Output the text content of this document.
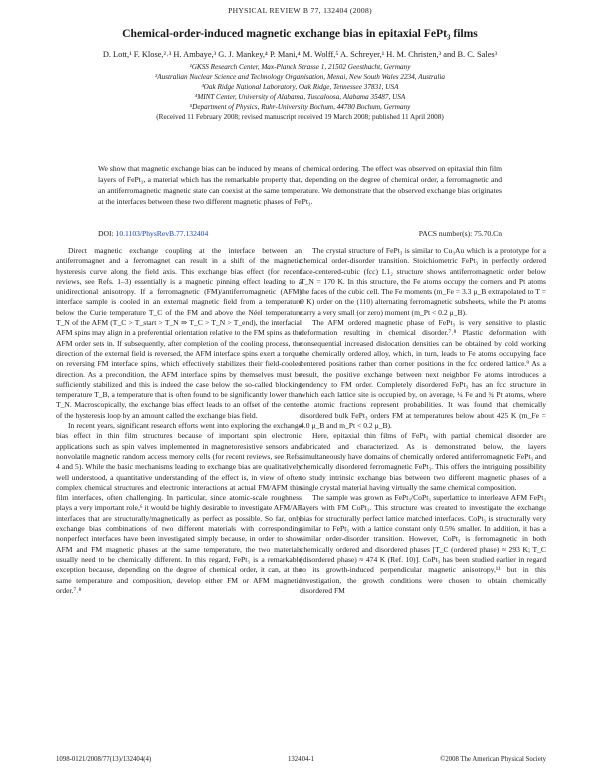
PHYSICAL REVIEW B 77, 132404 (2008)
Chemical-order-induced magnetic exchange bias in epitaxial FePt₃ films
D. Lott,¹ F. Klose,²˒³ H. Ambaye,³ G. J. Mankey,⁴ P. Mani,⁴ M. Wolff,⁵ A. Schreyer,¹ H. M. Christen,³ and B. C. Sales³
¹GKSS Research Center, Max-Planck Strasse 1, 21502 Geesthacht, Germany
²Australian Nuclear Science and Technology Organisation, Menai, New South Wales 2234, Australia
³Oak Ridge National Laboratory, Oak Ridge, Tennessee 37831, USA
⁴MINT Center, University of Alabama, Tuscaloosa, Alabama 35487, USA
⁵Department of Physics, Ruhr-University Bochum, 44780 Bochum, Germany
(Received 11 February 2008; revised manuscript received 19 March 2008; published 11 April 2008)
We show that magnetic exchange bias can be induced by means of chemical ordering. The effect was observed on epitaxial thin film layers of FePt₃, a material which has the remarkable property that, depending on the degree of chemical order, a ferromagnetic and an antiferromagnetic magnetic state can coexist at the same temperature. We demonstrate that the observed exchange bias originates at the interfaces between these two different magnetic phases of FePt₃.
DOI: 10.1103/PhysRevB.77.132404	PACS number(s): 75.70.Cn

Direct magnetic exchange coupling at the interface between an antiferromagnet and a ferromagnet can result in a shift of the magnetic hysteresis curve along the field axis. This exchange bias effect (for recent reviews, see Refs. 1–3) essentially is a magnetic pinning effect leading to a unidirectional anisotropy. If a ferromagnetic (FM)/antiferromagnetic (AFM) interface sample is cooled in an external magnetic field from a temperature below the Curie temperature T_C of the FM and above the Néel temperature T_N of the AFM (T_C > T_start > T_N ⇒ T_C > T_N > T_end), the interfacial AFM spins may align in a preferential orientation relative to the FM spins as the AFM order sets in. If subsequently, after completion of the cooling process, the direction of the external field is reversed, the AFM interface spins exert a torque on reversing FM interface spins, which effectively stabilizes their field-cooled direction. As a precondition, the AFM interface spins by themselves must be sufficiently stabilized and this is indeed the case below the so-called blocking temperature T_B, a temperature that is often found to be significantly lower than T_N. Macroscopically, the exchange bias effect leads to an offset of the center of the hysteresis loop by an amount called the exchange bias field.

In recent years, significant research efforts went into exploring the exchange bias effect in thin film structures because of important spin electronic applications such as spin valves implemented in magnetoresistive sensors and nonvolatile magnetic random access memory cells (for recent reviews, see Refs. 4 and 5). While the basic mechanisms leading to exchange bias are qualitatively well understood, a quantitative understanding of the effect is, in view of often complex chemical structures and electronic interactions at actual FM/AFM thin film interfaces, often challenging. In particular, since atomic-scale roughness plays a very important role,⁶ it would be highly desirable to investigate AFM/AF interfaces that are structurally/magnetically as perfect as possible. So far, only exchange bias combinations of two different materials with corresponding nonperfect interfaces have been investigated simply because, in order to show AFM and FM magnetic phases at the same temperature, the two materials usually need to be chemically different. In this regard, FePt₃ is a remarkable exception because, depending on the degree of chemical order, it can, at the same temperature and composition, develop either FM or AFM magnetic order.⁷˒⁸

The crystal structure of FePt₃ is similar to Cu₃Au which is a prototype for a chemical order-disorder transition. Stoichiometric FePt₃ in perfectly ordered face-centered-cubic (fcc) L1₂ structure shows antiferromagnetic order below T_N = 170 K. In this structure, the Fe atoms occupy the corners and Pt atoms the faces of the cubic cell. The Fe moments (m_Fe = 3.3 μ_B extrapolated to T = 0 K) order on the (110) alternating ferromagnetic subsheets, while the Pt atoms carry a very small (or zero) moment (m_Pt < 0.2 μ_B).

The AFM ordered magnetic phase of FePt₃ is very sensitive to plastic deformation resulting in chemical disorder.⁷˒⁸ Plastic deformation with consequential increased dislocation densities can be obtained by cold working the chemically ordered alloy, which, in turn, leads to Fe atoms occupying face centered positions rather than corner positions in the fcc ordered lattice.⁹ As a result, the positive exchange between next neighbor Fe atoms introduces a tendency to FM order. Completely disordered FePt₃ has an fcc structure in which each lattice site is occupied by, on average, ¼ Fe and ¾ Pt atoms, where the atomic fractions represent probabilities. It was found that chemically disordered bulk FePt₃ orders FM at temperatures below about 425 K (m_Fe = 4.0 μ_B and m_Pt < 0.2 μ_B).

Here, epitaxial thin films of FePt₃ with partial chemical disorder are fabricated and characterized. As is demonstrated below, the layers simultaneously have domains of chemically ordered antiferromagnetic FePt₃ and chemically disordered ferromagnetic FePt₃. This offers the intriguing possibility to study intrinsic exchange bias between two different magnetic phases of a single crystal material having virtually the same chemical composition.

The sample was grown as FePt₃/CoPt₃ superlattice to interleave AFM FePt₃ layers with FM CoPt₃. This structure was created to investigate the exchange bias for structurally perfect lattice matched interfaces. CoPt₃ is structurally very similar to FePt₃ with a lattice constant only 0.5% smaller. In addition, it has a similar order-disorder transition. However, CoPt₃ is ferromagnetic in both chemically ordered and disordered phases [T_C (ordered phase) ≈ 293 K; T_C (disordered phase) ≈ 474 K (Ref. 10)]. CoPt₃ has been studied earlier in regard to its growth-induced perpendicular magnetic anisotropy,¹¹ but in this investigation, the growth conditions were chosen to obtain chemically disordered FM

1098-0121/2008/77(13)/132404(4)	132404-1	©2008 The American Physical Society
